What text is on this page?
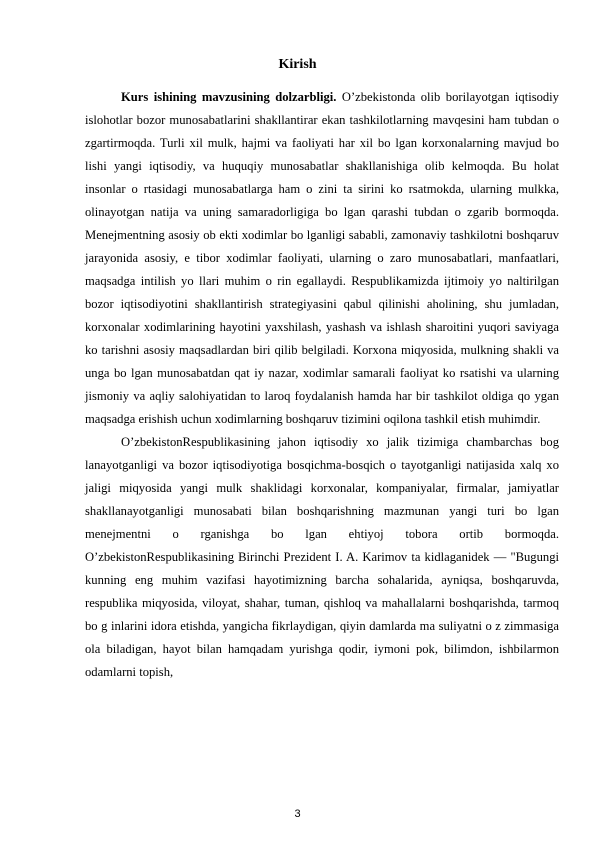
Kirish

Kurs ishining mavzusining dolzarbligi. O’zbekistonda olib borilayotgan iqtisodiy islohotlar bozor munosabatlarini shakllantirar ekan tashkilotlarning mavqesini ham tubdan o zgartirmoqda. Turli xil mulk, hajmi va faoliyati har xil bo lgan korxonalarning mavjud bo lishi yangi iqtisodiy, va huquqiy munosabatlar shakllanishiga olib kelmoqda. Bu holat insonlar o rtasidagi munosabatlarga ham o zini ta sirini ko rsatmokda, ularning mulkka, olinayotgan natija va uning samaradorligiga bo lgan qarashi tubdan o zgarib bormoqda. Menejmentning asosiy ob ekti xodimlar bo lganligi sababli, zamonaviy tashkilotni boshqaruv jarayonida asosiy, e tibor xodimlar faoliyati, ularning o zaro munosabatlari, manfaatlari, maqsadga intilish yo llari muhim o rin egallaydi. Respublikamizda ijtimoiy yo naltirilgan bozor iqtisodiyotini shakllantirish strategiyasini qabul qilinishi aholining, shu jumladan, korxonalar xodimlarining hayotini yaxshilash, yashash va ishlash sharoitini yuqori saviyaga ko tarishni asosiy maqsadlardan biri qilib belgiladi. Korxona miqyosida, mulkning shakli va unga bo lgan munosabatdan qat iy nazar, xodimlar samarali faoliyat ko rsatishi va ularning jismoniy va aqliy salohiyatidan to laroq foydalanish hamda har bir tashkilot oldiga qo ygan maqsadga erishish uchun xodimlarning boshqaruv tizimini oqilona tashkil etish muhimdir.

O’zbekistonRespublikasining jahon iqtisodiy xo jalik tizimiga chambarchas bog lanayotganligi va bozor iqtisodiyotiga bosqichma-bosqich o tayotganligi natijasida xalq xo jaligi miqyosida yangi mulk shaklidagi korxonalar, kompaniyalar, firmalar, jamiyatlar shakllanayotganligi munosabati bilan boshqarishning mazmunan yangi turi bo lgan menejmentni o rganishga bo lgan ehtiyoj tobora ortib bormoqda. O’zbekistonRespublikasining Birinchi Prezident I. A. Karimov ta kidlaganidek — "Bugungi kunning eng muhim vazifasi hayotimizning barcha sohalarida, ayniqsa, boshqaruvda, respublika miqyosida, viloyat, shahar, tuman, qishloq va mahallalarni boshqarishda, tarmoq bo g inlarini idora etishda, yangicha fikrlaydigan, qiyin damlarda ma suliyatni o z zimmasiga ola biladigan, hayot bilan hamqadam yurishga qodir, iymoni pok, bilimdon, ishbilarmon odamlarni topish,

3
